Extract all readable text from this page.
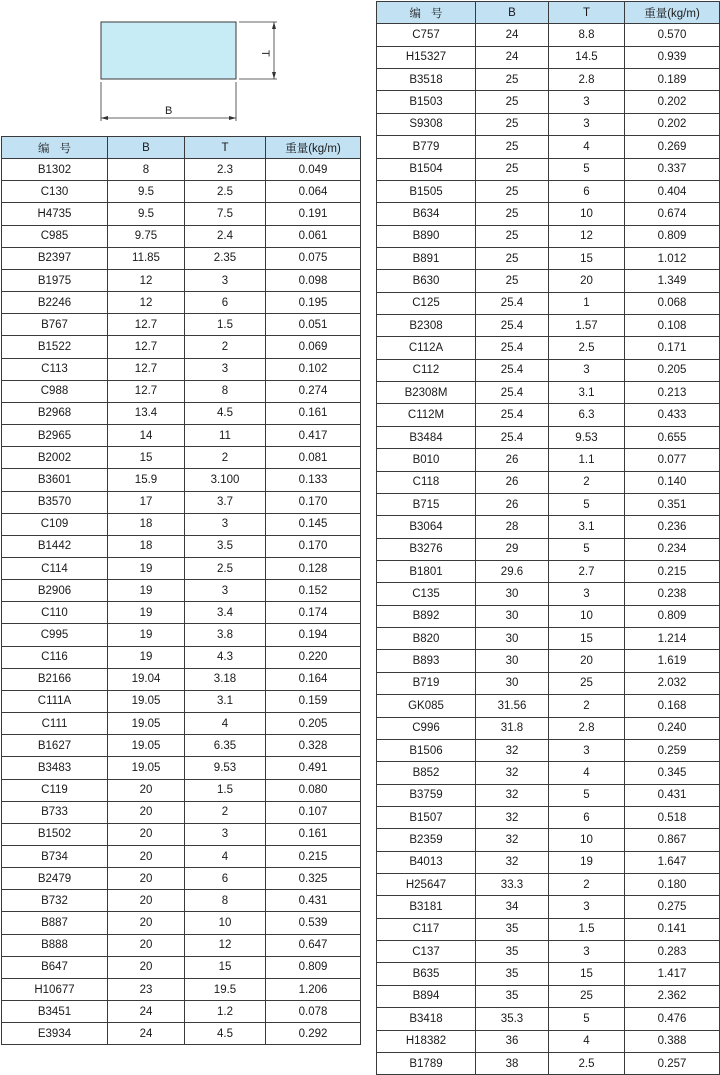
B
T
编号	B	T	重量(kg/m)
B1302	8	2.3	0.049
C130	9.5	2.5	0.064
H4735	9.5	7.5	0.191
C985	9.75	2.4	0.061
B2397	11.85	2.35	0.075
B1975	12	3	0.098
B2246	12	6	0.195
B767	12.7	1.5	0.051
B1522	12.7	2	0.069
C113	12.7	3	0.102
C988	12.7	8	0.274
B2968	13.4	4.5	0.161
B2965	14	11	0.417
B2002	15	2	0.081
B3601	15.9	3.100	0.133
B3570	17	3.7	0.170
C109	18	3	0.145
B1442	18	3.5	0.170
C114	19	2.5	0.128
B2906	19	3	0.152
C110	19	3.4	0.174
C995	19	3.8	0.194
C116	19	4.3	0.220
B2166	19.04	3.18	0.164
C111A	19.05	3.1	0.159
C111	19.05	4	0.205
B1627	19.05	6.35	0.328
B3483	19.05	9.53	0.491
C119	20	1.5	0.080
B733	20	2	0.107
B1502	20	3	0.161
B734	20	4	0.215
B2479	20	6	0.325
B732	20	8	0.431
B887	20	10	0.539
B888	20	12	0.647
B647	20	15	0.809
H10677	23	19.5	1.206
B3451	24	1.2	0.078
E3934	24	4.5	0.292
编号	B	T	重量(kg/m)
C757	24	8.8	0.570
H15327	24	14.5	0.939
B3518	25	2.8	0.189
B1503	25	3	0.202
S9308	25	3	0.202
B779	25	4	0.269
B1504	25	5	0.337
B1505	25	6	0.404
B634	25	10	0.674
B890	25	12	0.809
B891	25	15	1.012
B630	25	20	1.349
C125	25.4	1	0.068
B2308	25.4	1.57	0.108
C112A	25.4	2.5	0.171
C112	25.4	3	0.205
B2308M	25.4	3.1	0.213
C112M	25.4	6.3	0.433
B3484	25.4	9.53	0.655
B010	26	1.1	0.077
C118	26	2	0.140
B715	26	5	0.351
B3064	28	3.1	0.236
B3276	29	5	0.234
B1801	29.6	2.7	0.215
C135	30	3	0.238
B892	30	10	0.809
B820	30	15	1.214
B893	30	20	1.619
B719	30	25	2.032
GK085	31.56	2	0.168
C996	31.8	2.8	0.240
B1506	32	3	0.259
B852	32	4	0.345
B3759	32	5	0.431
B1507	32	6	0.518
B2359	32	10	0.867
B4013	32	19	1.647
H25647	33.3	2	0.180
B3181	34	3	0.275
C117	35	1.5	0.141
C137	35	3	0.283
B635	35	15	1.417
B894	35	25	2.362
B3418	35.3	5	0.476
H18382	36	4	0.388
B1789	38	2.5	0.257
